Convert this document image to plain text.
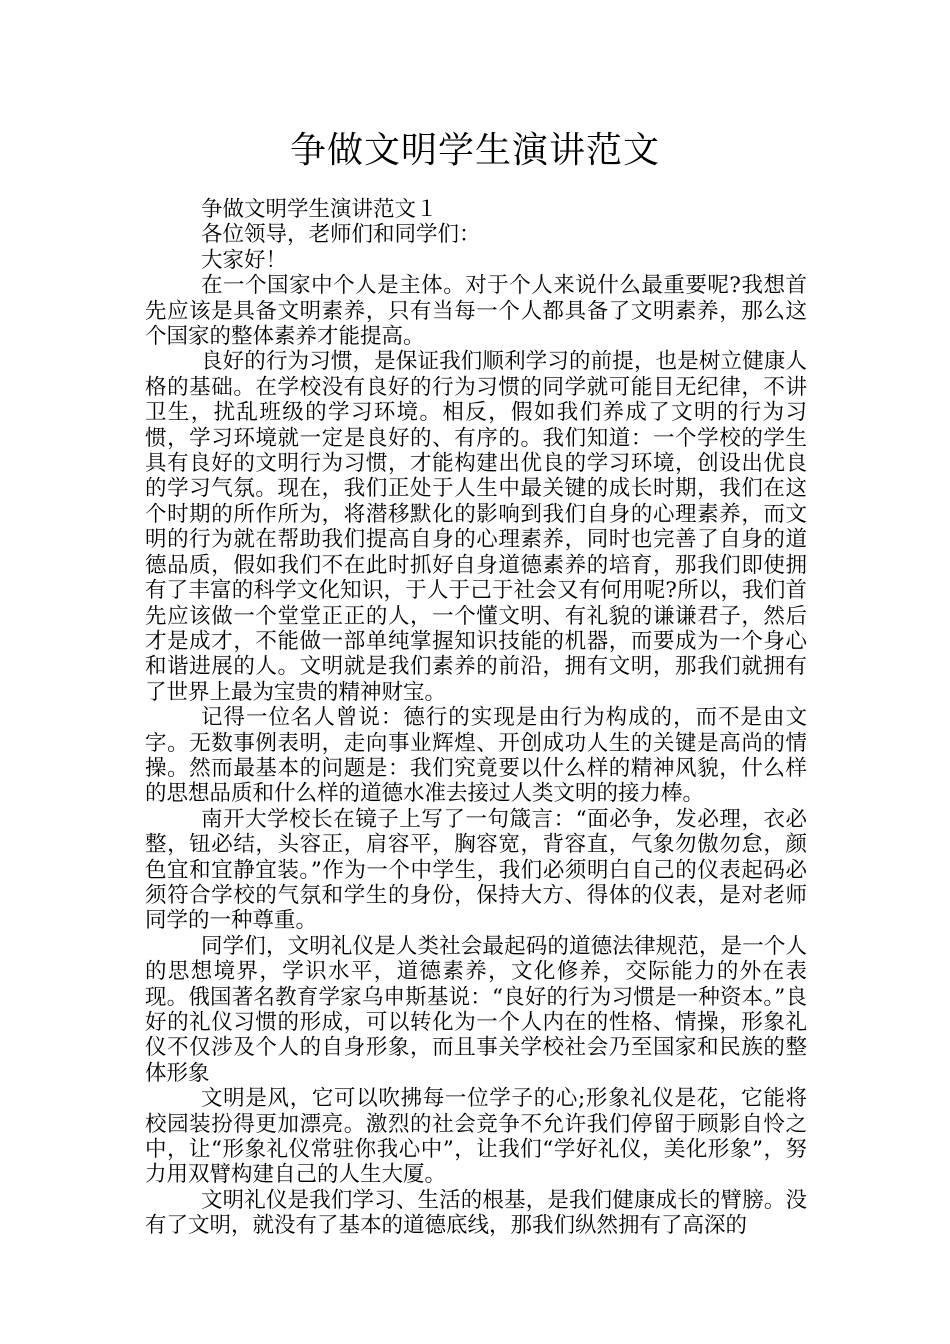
争做文明学生演讲范文

争做文明学生演讲范文１

各位领导，老师们和同学们：

大家好！

在一个国家中个人是主体。对于个人来说什么最重要呢?我想首先应该是具备文明素养，只有当每一个人都具备了文明素养，那么这个国家的整体素养才能提高。

良好的行为习惯，是保证我们顺利学习的前提，也是树立健康人格的基础。在学校没有良好的行为习惯的同学就可能目无纪律，不讲卫生，扰乱班级的学习环境。相反，假如我们养成了文明的行为习惯，学习环境就一定是良好的、有序的。我们知道：一个学校的学生具有良好的文明行为习惯，才能构建出优良的学习环境，创设出优良的学习气氛。现在，我们正处于人生中最关键的成长时期，我们在这个时期的所作所为，将潜移默化的影响到我们自身的心理素养，而文明的行为就在帮助我们提高自身的心理素养，同时也完善了自身的道德品质，假如我们不在此时抓好自身道德素养的培育，那我们即使拥有了丰富的科学文化知识，于人于己于社会又有何用呢?所以，我们首先应该做一个堂堂正正的人，一个懂文明、有礼貌的谦谦君子，然后才是成才，不能做一部单纯掌握知识技能的机器，而要成为一个身心和谐进展的人。文明就是我们素养的前沿，拥有文明，那我们就拥有了世界上最为宝贵的精神财宝。

记得一位名人曾说：德行的实现是由行为构成的，而不是由文字。无数事例表明，走向事业辉煌、开创成功人生的关键是高尚的情操。然而最基本的问题是：我们究竟要以什么样的精神风貌，什么样的思想品质和什么样的道德水准去接过人类文明的接力棒。

南开大学校长在镜子上写了一句箴言：“面必争，发必理，衣必整，钮必结，头容正，肩容平，胸容宽，背容直，气象勿傲勿怠，颜色宜和宜静宜装。”作为一个中学生，我们必须明白自己的仪表起码必须符合学校的气氛和学生的身份，保持大方、得体的仪表，是对老师同学的一种尊重。

同学们，文明礼仪是人类社会最起码的道德法律规范，是一个人的思想境界，学识水平，道德素养，文化修养，交际能力的外在表现。俄国著名教育学家乌申斯基说：“良好的行为习惯是一种资本。”良好的礼仪习惯的形成，可以转化为一个人内在的性格、情操，形象礼仪不仅涉及个人的自身形象，而且事关学校社会乃至国家和民族的整体形象

文明是风，它可以吹拂每一位学子的心;形象礼仪是花，它能将校园装扮得更加漂亮。激烈的社会竞争不允许我们停留于顾影自怜之中，让“形象礼仪常驻你我心中”，让我们“学好礼仪，美化形象”，努力用双臂构建自己的人生大厦。

文明礼仪是我们学习、生活的根基，是我们健康成长的臂膀。没有了文明，就没有了基本的道德底线，那我们纵然拥有了高深的
